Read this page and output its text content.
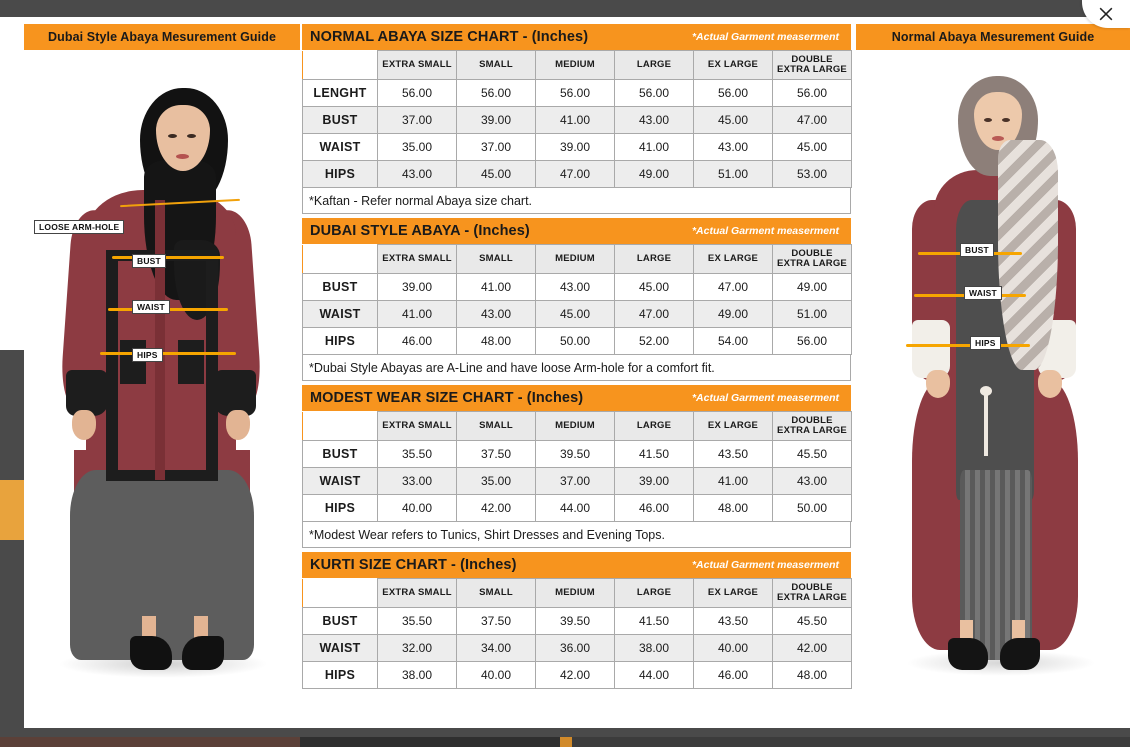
Dubai Style Abaya Mesurement Guide
LOOSE ARM-HOLE
BUST
WAIST
HIPS
Normal Abaya Mesurement Guide
BUST
WAIST
HIPS
NORMAL ABAYA SIZE CHART - (Inches)	*Actual Garment measerment
	EXTRA SMALL	SMALL	MEDIUM	LARGE	EX LARGE	DOUBLE EXTRA LARGE
LENGHT	56.00	56.00	56.00	56.00	56.00	56.00
BUST	37.00	39.00	41.00	43.00	45.00	47.00
WAIST	35.00	37.00	39.00	41.00	43.00	45.00
HIPS	43.00	45.00	47.00	49.00	51.00	53.00
*Kaftan - Refer normal Abaya size chart.
DUBAI STYLE ABAYA - (Inches)	*Actual Garment measerment
	EXTRA SMALL	SMALL	MEDIUM	LARGE	EX LARGE	DOUBLE EXTRA LARGE
BUST	39.00	41.00	43.00	45.00	47.00	49.00
WAIST	41.00	43.00	45.00	47.00	49.00	51.00
HIPS	46.00	48.00	50.00	52.00	54.00	56.00
*Dubai Style Abayas are A-Line and have loose Arm-hole for a comfort fit.
MODEST WEAR SIZE CHART - (Inches)	*Actual Garment measerment
	EXTRA SMALL	SMALL	MEDIUM	LARGE	EX LARGE	DOUBLE EXTRA LARGE
BUST	35.50	37.50	39.50	41.50	43.50	45.50
WAIST	33.00	35.00	37.00	39.00	41.00	43.00
HIPS	40.00	42.00	44.00	46.00	48.00	50.00
*Modest Wear refers to Tunics, Shirt Dresses and Evening Tops.
KURTI SIZE CHART - (Inches)	*Actual Garment measerment
	EXTRA SMALL	SMALL	MEDIUM	LARGE	EX LARGE	DOUBLE EXTRA LARGE
BUST	35.50	37.50	39.50	41.50	43.50	45.50
WAIST	32.00	34.00	36.00	38.00	40.00	42.00
HIPS	38.00	40.00	42.00	44.00	46.00	48.00
